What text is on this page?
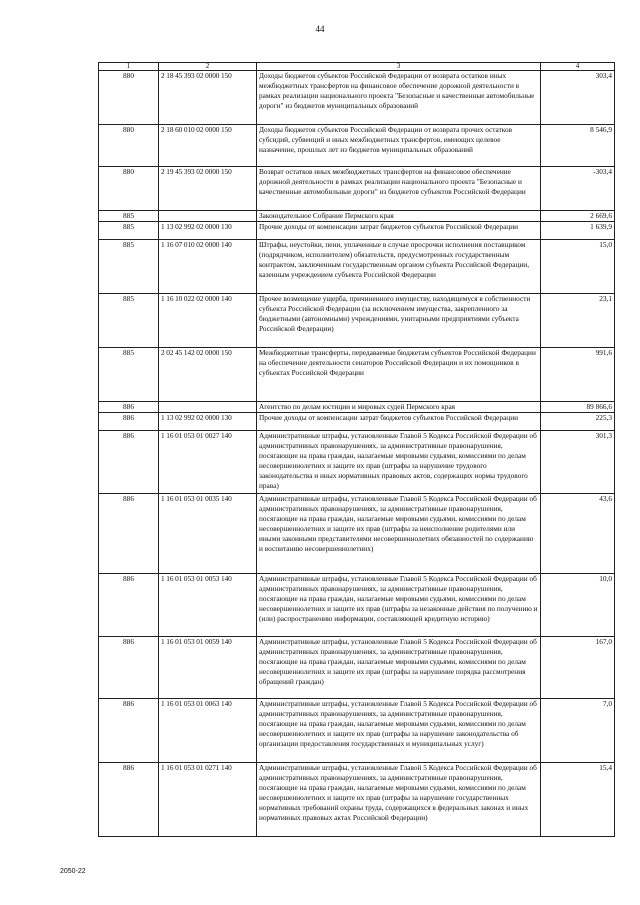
44
1	2	3	4
880	2 18 45 393 02 0000 150	Доходы бюджетов субъектов Российской Федерации от возврата остатков иных межбюджетных трансфертов на финансовое обеспечение дорожной деятельности в рамках реализации национального проекта "Безопасные и качественные автомобильные дороги" из бюджетов муниципальных образований	303,4
880	2 18 60 010 02 0000 150	Доходы бюджетов субъектов Российской Федерации от возврата прочих остатков субсидий, субвенций и иных межбюджетных трансфертов, имеющих целевое назначение, прошлых лет из бюджетов муниципальных образований	8 546,9
880	2 19 45 393 02 0000 150	Возврат остатков иных межбюджетных трансфертов на финансовое обеспечение дорожной деятельности в рамках реализации национального проекта "Безопасные и качественные автомобильные дороги" из бюджетов субъектов Российской Федерации	-303,4
885		Законодательное Собрание Пермского края	2 669,6
885	1 13 02 992 02 0000 130	Прочие доходы от компенсации затрат бюджетов субъектов Российской Федерации	1 639,9
885	1 16 07 010 02 0000 140	Штрафы, неустойки, пени, уплаченные в случае просрочки исполнения поставщиком (подрядчиком, исполнителем) обязательств, предусмотренных государственным контрактом, заключенным государственным органом субъекта Российской Федерации, казенным учреждением субъекта Российской Федерации	15,0
885	1 16 10 022 02 0000 140	Прочее возмещение ущерба, причиненного имуществу, находящемуся в собственности субъекта Российской Федерации (за исключением имущества, закрепленного за бюджетными (автономными) учреждениями, унитарными предприятиями субъекта Российской Федерации)	23,1
885	2 02 45 142 02 0000 150	Межбюджетные трансферты, передаваемые бюджетам субъектов Российской Федерации на обеспечение деятельности сенаторов Российской Федерации и их помощников в субъектах Российской Федерации	991,6
886		Агентство по делам юстиции и мировых судей Пермского края	89 866,6
886	1 13 02 992 02 0000 130	Прочие доходы от компенсации затрат бюджетов субъектов Российской Федерации	225,3
886	1 16 01 053 01 0027 140	Административные штрафы, установленные Главой 5 Кодекса Российской Федерации об административных правонарушениях, за административные правонарушения, посягающие на права граждан, налагаемые мировыми судьями, комиссиями по делам несовершеннолетних и защите их прав (штрафы за нарушение трудового законодательства и иных нормативных правовых актов, содержащих нормы трудового права)	301,3
886	1 16 01 053 01 0035 140	Административные штрафы, установленные Главой 5 Кодекса Российской Федерации об административных правонарушениях, за административные правонарушения, посягающие на права граждан, налагаемые мировыми судьями, комиссиями по делам несовершеннолетних и защите их прав (штрафы за неисполнение родителями или иными законными представителями несовершеннолетних обязанностей по содержанию и воспитанию несовершеннолетних)	43,6
886	1 16 01 053 01 0053 140	Административные штрафы, установленные Главой 5 Кодекса Российской Федерации об административных правонарушениях, за административные правонарушения, посягающие на права граждан, налагаемые мировыми судьями, комиссиями по делам несовершеннолетних и защите их прав (штрафы за незаконные действия по получению и (или) распространению информации, составляющей кредитную историю)	10,0
886	1 16 01 053 01 0059 140	Административные штрафы, установленные Главой 5 Кодекса Российской Федерации об административных правонарушениях, за административные правонарушения, посягающие на права граждан, налагаемые мировыми судьями, комиссиями по делам несовершеннолетних и защите их прав (штрафы за нарушение порядка рассмотрения обращений граждан)	167,0
886	1 16 01 053 01 0063 140	Административные штрафы, установленные Главой 5 Кодекса Российской Федерации об административных правонарушениях, за административные правонарушения, посягающие на права граждан, налагаемые мировыми судьями, комиссиями по делам несовершеннолетних и защите их прав (штрафы за нарушение законодательства об организации предоставления государственных и муниципальных услуг)	7,0
886	1 16 01 053 01 0271 140	Административные штрафы, установленные Главой 5 Кодекса Российской Федерации об административных правонарушениях, за административные правонарушения, посягающие на права граждан, налагаемые мировыми судьями, комиссиями по делам несовершеннолетних и защите их прав (штрафы за нарушение государственных нормативных требований охраны труда, содержащихся в федеральных законах и иных нормативных правовых актах Российской Федерации)	15,4
2050-22
